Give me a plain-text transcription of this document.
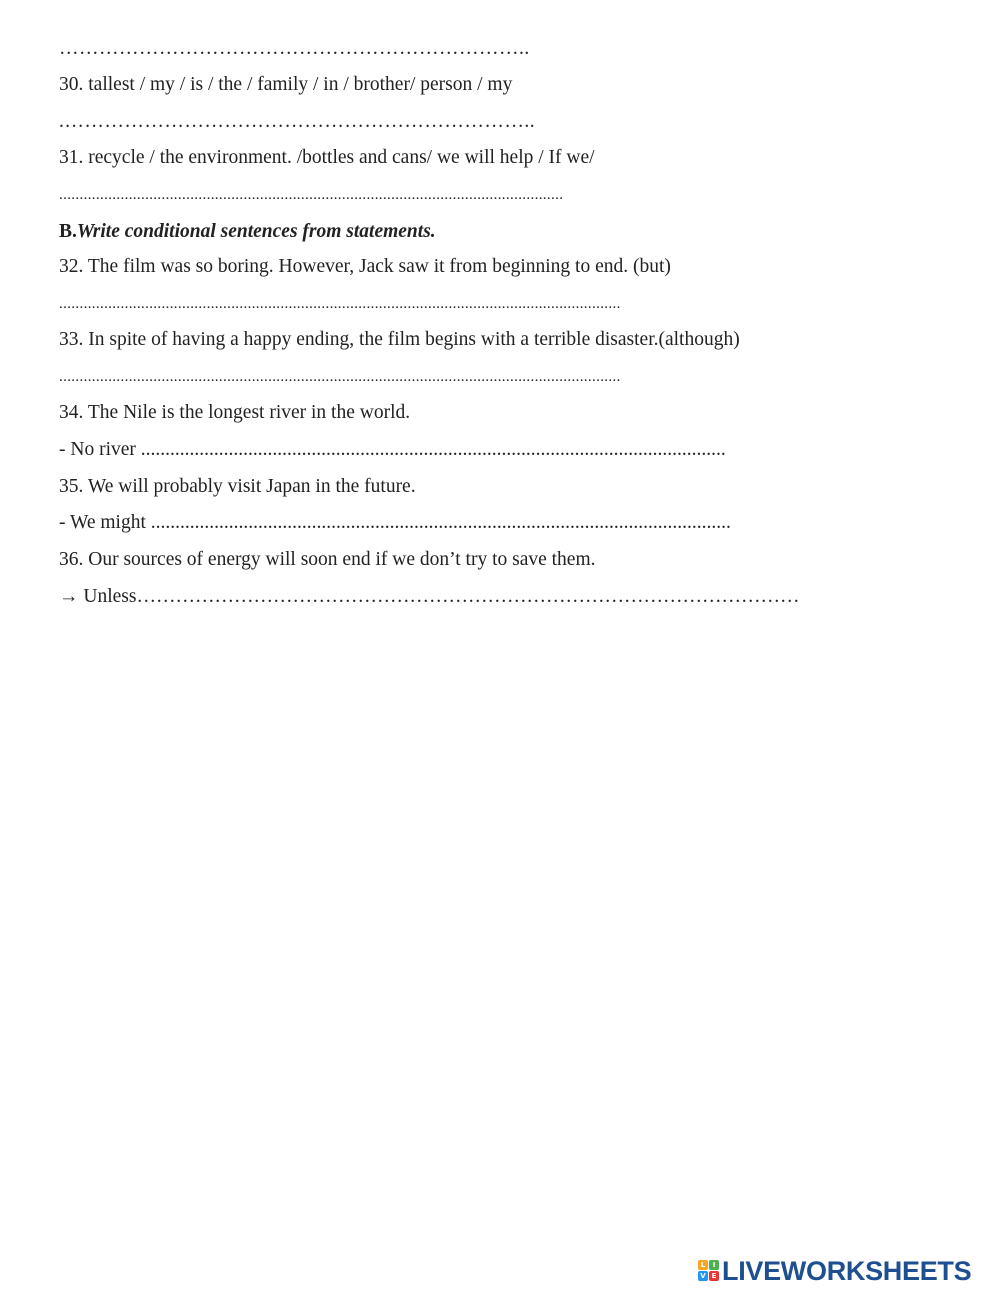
……………………………………………………………..
30. tallest / my / is / the / family / in / brother/ person / my
.……………………………………………………………..
31. recycle / the environment. /bottles and cans/ we will help / If we/
...........................................................................................................................
B.Write conditional sentences from statements.
32. The film was so boring. However, Jack saw it from beginning to end. (but)
.........................................................................................................................................
33. In spite of having a happy ending, the film begins with a terrible disaster.(although)
.........................................................................................................................................
34. The Nile is the longest river in the world.
- No river ........................................................................................................................
35. We will probably visit Japan in the future.
- We might .......................................................................................................................
36. Our sources of energy will soon end if we don’t try to save them.
→ Unless…………………………………………………………………………………………
L	I
V E LIVEWORKSHEETS
